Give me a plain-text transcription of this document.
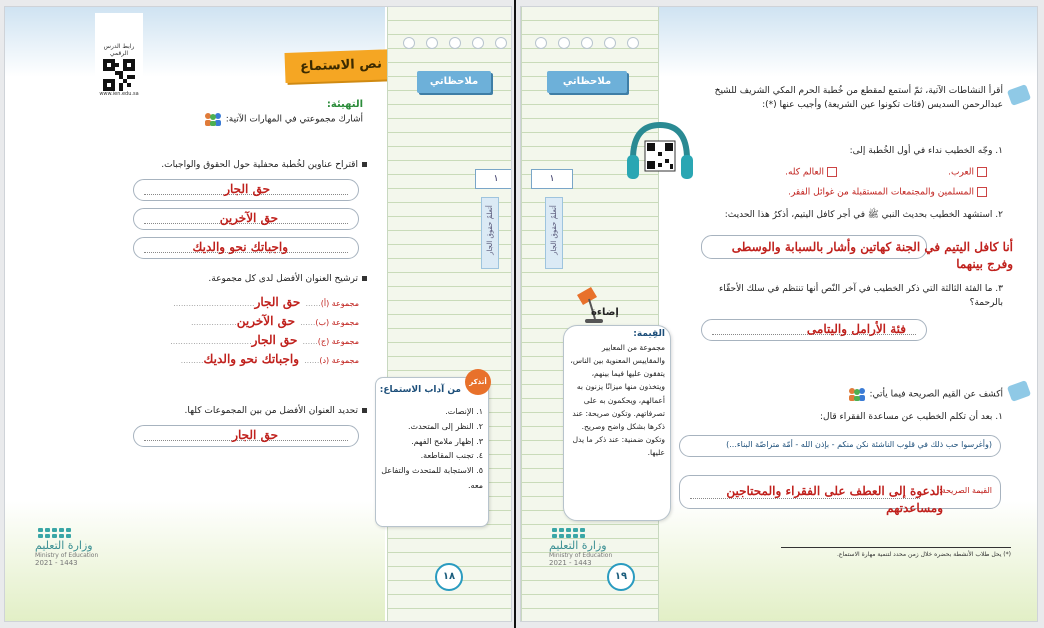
رابط الدرس الرقمي
www.ien.edu.sa
نص الاستماع
ملاحظاتي
١
أتعلمُ حقوق الجار
التهيئة:
أشارك مجموعتي في المهارات الآتية:
اقتراح عناوين لخُطبة محفلية حول الحقوق والواجبات.
حق الجار
حق الآخرين
واجباتك نحو والديك
ترشيح العنوان الأفضل لدى كل مجموعة.
مجموعة (أ)...... حق الجار................................
مجموعة (ب)...... حق الآخرين..................
مجموعة (ج)...... حق الجار................................
مجموعة (د)...... واجباتك نحو والديك.........
تحديد العنوان الأفضل من بين المجموعات كلها.
حق الجار
أتذكر
من آداب الاستماع:
١. الإنصات.
٢. النظر إلى المتحدث.
٣. إظهار ملامح الفهم.
٤. تجنب المقاطعة.
٥. الاستجابة للمتحدث والتفاعل معه.
وزارة التعليم
Ministry of Education
2021 - 1443
١٨
ملاحظاتي
١
أتعلمُ حقوق الجار
أقرأ النشاطات الآتية، ثمّ أستمع لمقطع من خُطبة الحرم المكي الشريف للشيخ عبدالرحمن السديس (فئات تكونوا عين الشريعة) وأجيب عنها (*):
١. وجّه الخطيب نداء في أول الخُطبة إلى:
العرب.
العالم كله.
المسلمين والمجتمعات المستقبلة من غوائل الفقر.
٢. استشهد الخطيب بحديث النبي ﷺ في أجر كافل اليتيم، أذكرُ هذا الحديث:
أنا كافل اليتيم في الجنة كهاتين وأشار بالسبابة والوسطى وفرج بينهما
٣. ما الفئة الثالثة التي ذكر الخطيب في آخر النّص أنها تنتظم في سلك الأحقّاء بالرحمة؟
فئة الأرامل واليتامى
إضاءة
القِيمة:
مجموعة من المعايير والمقاييس المعنوية بين الناس، يتفقون عليها فيما بينهم، ويتخذون منها ميزانًا يزنون به أعمالهم، ويحكمون به على تصرفاتهم. وتكون صريحة: عند ذكرها بشكل واضح وصريح. وتكون ضمنية: عند ذكر ما يدل عليها.
أكشف عن القيم الصريحة فيما يأتي:
١. بعد أن تكلم الخطيب عن مساعدة الفقراء قال:
(وأغرسوا حب ذلك في قلوب الناشئة نكن منكم - بإذن الله - أمّة متراصّة البناء...)
القيمة الصريحة:
الدعوة إلى العطف على الفقراء والمحتاجين ومساعدتهم
(*) يحل طلاب الأنشطة بحضره خلال زمن محدد لتنمية مهارة الاستماع.
وزارة التعليم
Ministry of Education
2021 - 1443
١٩
